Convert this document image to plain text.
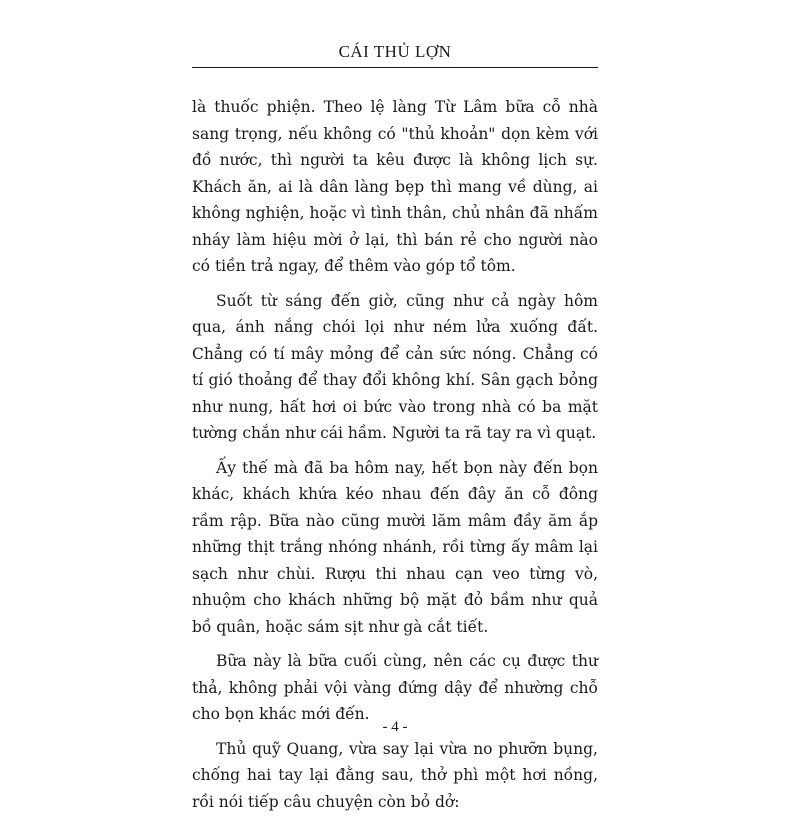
CÁI THỦ LỢN

là thuốc phiện. Theo lệ làng Từ Lâm bữa cỗ nhà sang trọng, nếu không có "thủ khoản" dọn kèm với đồ nước, thì người ta kêu được là không lịch sự. Khách ăn, ai là dân làng bẹp thì mang về dùng, ai không nghiện, hoặc vì tình thân, chủ nhân đã nhấm nháy làm hiệu mời ở lại, thì bán rẻ cho người nào có tiền trả ngay, để thêm vào góp tổ tôm.

Suốt từ sáng đến giờ, cũng như cả ngày hôm qua, ánh nắng chói lọi như ném lửa xuống đất. Chẳng có tí mây mỏng để cản sức nóng. Chẳng có tí gió thoảng để thay đổi không khí. Sân gạch bỏng như nung, hất hơi oi bức vào trong nhà có ba mặt tường chắn như cái hầm. Người ta rã tay ra vì quạt.

Ấy thế mà đã ba hôm nay, hết bọn này đến bọn khác, khách khứa kéo nhau đến đây ăn cỗ đông rầm rập. Bữa nào cũng mười lăm mâm đầy ăm ắp những thịt trắng nhóng nhánh, rồi từng ấy mâm lại sạch như chùi. Rượu thi nhau cạn veo từng vò, nhuộm cho khách những bộ mặt đỏ bầm như quả bồ quân, hoặc sám sịt như gà cắt tiết.

Bữa này là bữa cuối cùng, nên các cụ được thư thả, không phải vội vàng đứng dậy để nhường chỗ cho bọn khác mới đến.

Thủ quỹ Quang, vừa say lại vừa no phưỡn bụng, chống hai tay lại đằng sau, thở phì một hơi nồng, rồi nói tiếp câu chuyện còn bỏ dở:

- 4 -
